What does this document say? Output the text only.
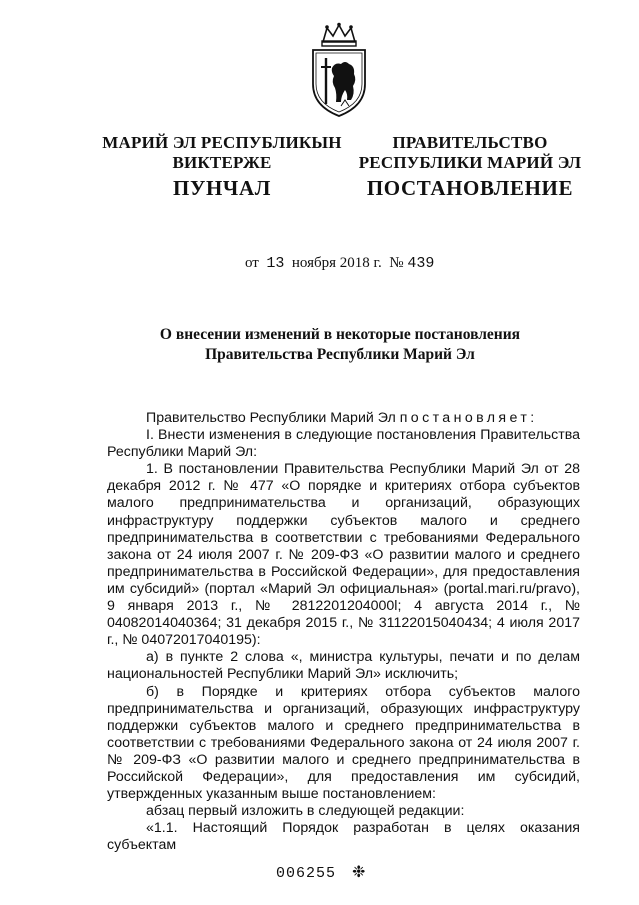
МАРИЙ ЭЛ РЕСПУБЛИКЫН
ВИКТЕРЖЕ
ПРАВИТЕЛЬСТВО
РЕСПУБЛИКИ МАРИЙ ЭЛ
ПУНЧАЛ	ПОСТАНОВЛЕНИЕ
от 13 ноября 2018 г. № 439
О внесении изменений в некоторые постановления
Правительства Республики Марий Эл

Правительство Республики Марий Эл постановляет:

I. Внести изменения в следующие постановления Правительства Республики Марий Эл:

1. В постановлении Правительства Республики Марий Эл от 28 декабря 2012 г. № 477 «О порядке и критериях отбора субъектов малого предпринимательства и организаций, образующих инфраструктуру поддержки субъектов малого и среднего предпринимательства в соответствии с требованиями Федерального закона от 24 июля 2007 г. № 209-ФЗ «О развитии малого и среднего предпринимательства в Российской Федерации», для предоставления им субсидий» (портал «Марий Эл официальная» (portal.mari.ru/pravo), 9 января 2013 г., № 2812201204000l; 4 августа 2014 г., № 04082014040364; 31 декабря 2015 г., № 31122015040434; 4 июля 2017 г., № 04072017040195):

а) в пункте 2 слова «, министра культуры, печати и по делам национальностей Республики Марий Эл» исключить;

б) в Порядке и критериях отбора субъектов малого предпринимательства и организаций, образующих инфраструктуру поддержки субъектов малого и среднего предпринимательства в соответствии с требованиями Федерального закона от 24 июля 2007 г. № 209-ФЗ «О развитии малого и среднего предпринимательства в Российской Федерации», для предоставления им субсидий, утвержденных указанным выше постановлением:

абзац первый изложить в следующей редакции:

«1.1. Настоящий Порядок разработан в целях оказания субъектам

006255 ❉
